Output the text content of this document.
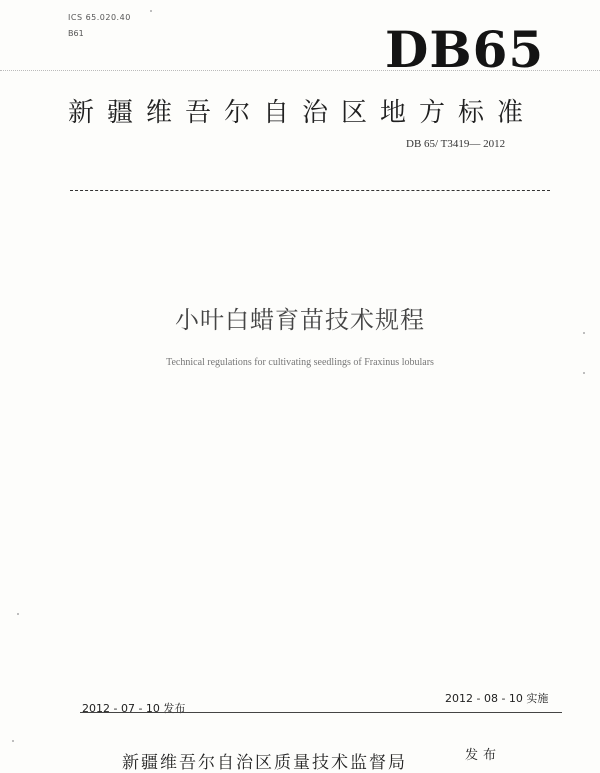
ICS 65.020.40
B61	DB65
新疆维吾尔自治区地方标准
DB 65/ T3419— 2012
小叶白蜡育苗技术规程
Technical regulations for cultivating seedlings of Fraxinus lobulars
2012 - 07 - 10 发布
2012 - 08 - 10 实施
新疆维吾尔自治区质量技术监督局	发布
